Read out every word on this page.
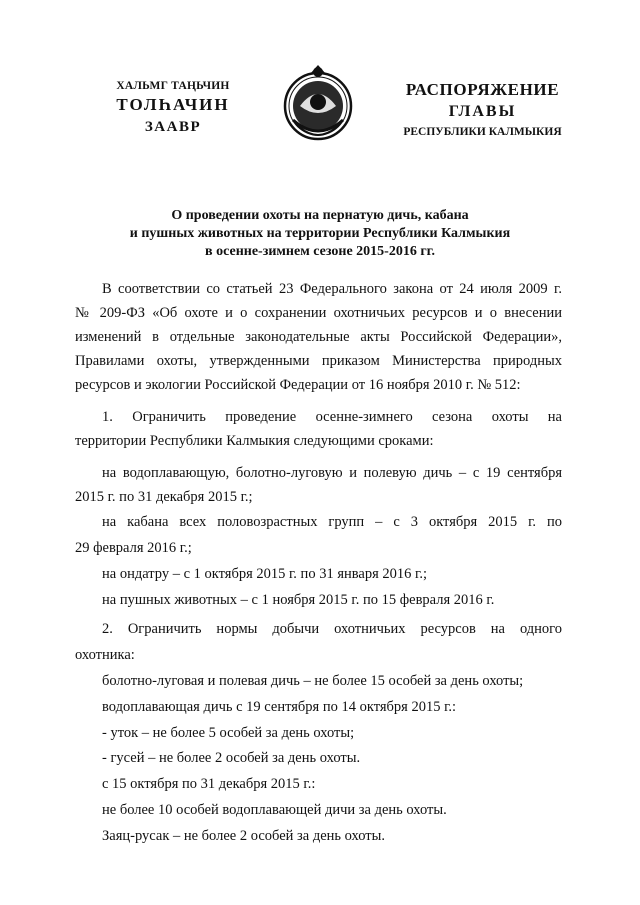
ХАЛЬМГ ТАҢЬЧИН
ТОЛҺАЧИН
ЗААВР
РАСПОРЯЖЕНИЕ
ГЛАВЫ
РЕСПУБЛИКИ КАЛМЫКИЯ
О проведении охоты на пернатую дичь, кабана
и пушных животных на территории Республики Калмыкия
в осенне-зимнем сезоне 2015-2016 гг.
В соответствии со статьей 23 Федерального закона от 24 июля 2009 г.
№ 209-ФЗ «Об охоте и о сохранении охотничьих ресурсов и о внесении
изменений в отдельные законодательные акты Российской Федерации»,
Правилами охоты, утвержденными приказом Министерства природных
ресурсов и экологии Российской Федерации от 16 ноября 2010 г. № 512:
1. Ограничить проведение осенне-зимнего сезона охоты на
территории Республики Калмыкия следующими сроками:
на водоплавающую, болотно-луговую и полевую дичь – с 19 сентября
2015 г. по 31 декабря 2015 г.;
на кабана всех половозрастных групп – с 3 октября 2015 г. по
29 февраля 2016 г.;
на ондатру – с 1 октября 2015 г. по 31 января 2016 г.;
на пушных животных – с 1 ноября 2015 г. по 15 февраля 2016 г.
2. Ограничить нормы добычи охотничьих ресурсов на одного
охотника:
болотно-луговая и полевая дичь – не более 15 особей за день охоты;
водоплавающая дичь с 19 сентября по 14 октября 2015 г.:
- уток – не более 5 особей за день охоты;
- гусей – не более 2 особей за день охоты.
с 15 октября по 31 декабря 2015 г.:
не более 10 особей водоплавающей дичи за день охоты.
Заяц-русак – не более 2 особей за день охоты.
